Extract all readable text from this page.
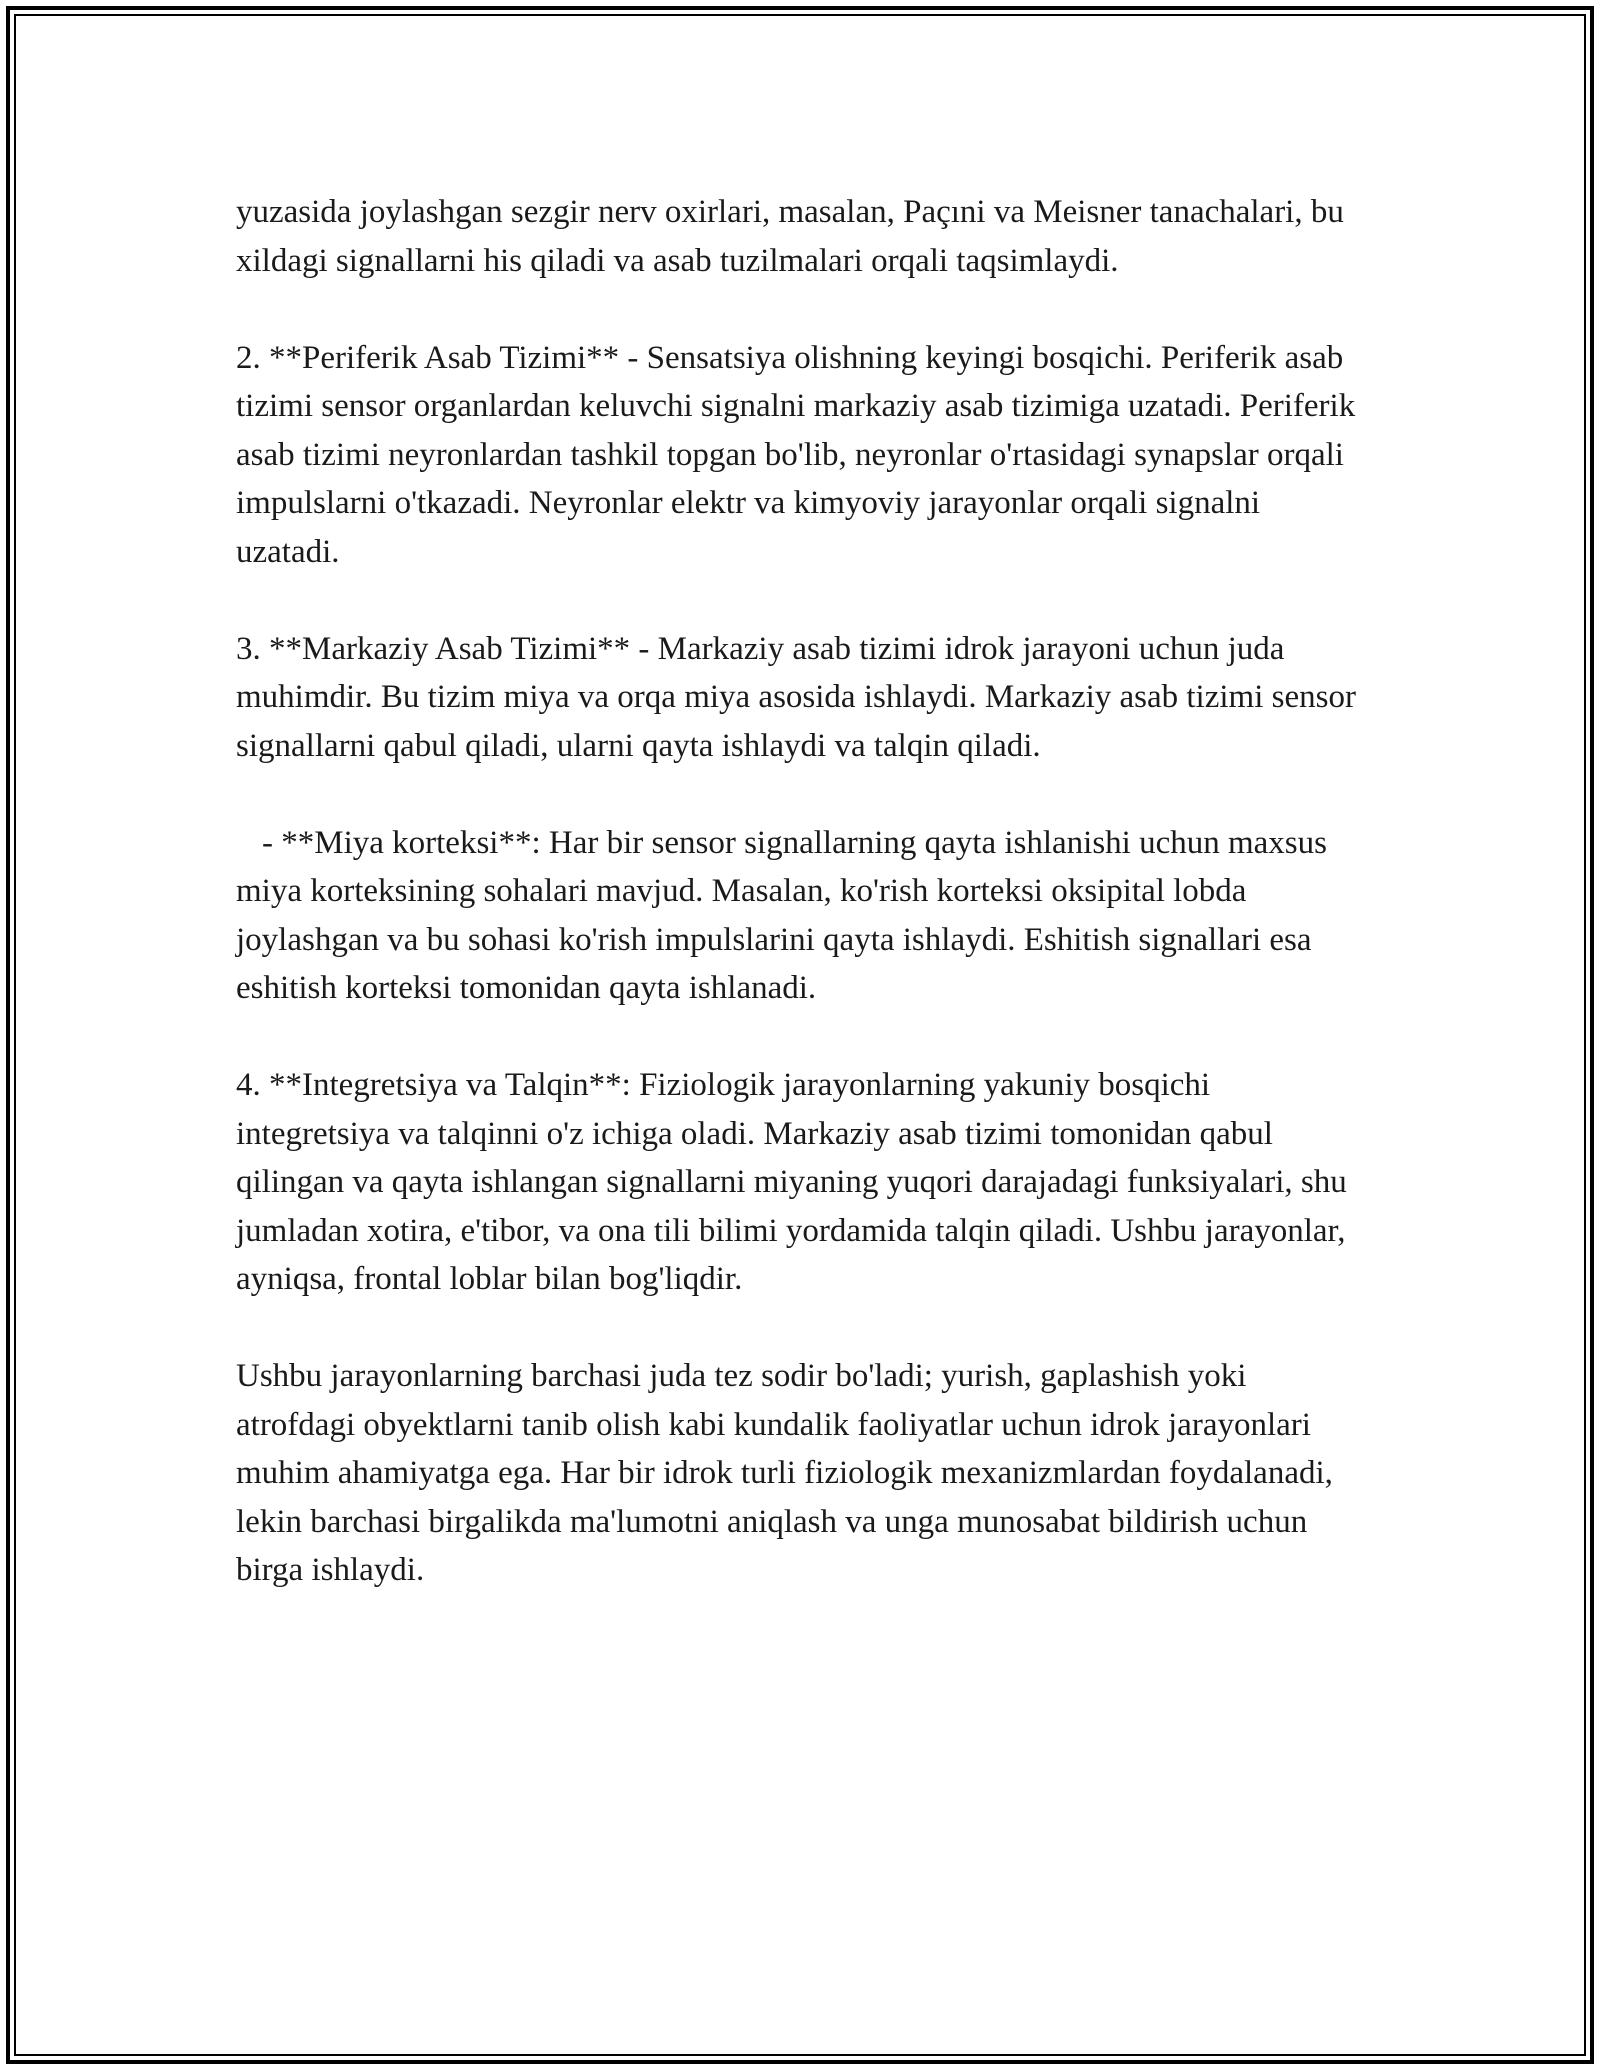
yuzasida joylashgan sezgir nerv oxirlari, masalan, Paçıni va Meisner tanachalari, bu xildagi signallarni his qiladi va asab tuzilmalari orqali taqsimlaydi.

2. **Periferik Asab Tizimi** - Sensatsiya olishning keyingi bosqichi. Periferik asab tizimi sensor organlardan keluvchi signalni markaziy asab tizimiga uzatadi. Periferik asab tizimi neyronlardan tashkil topgan bo'lib, neyronlar o'rtasidagi synapslar orqali impulslarni o'tkazadi. Neyronlar elektr va kimyoviy jarayonlar orqali signalni uzatadi.

3. **Markaziy Asab Tizimi** - Markaziy asab tizimi idrok jarayoni uchun juda muhimdir. Bu tizim miya va orqa miya asosida ishlaydi. Markaziy asab tizimi sensor signallarni qabul qiladi, ularni qayta ishlaydi va talqin qiladi.

- **Miya korteksi**: Har bir sensor signallarning qayta ishlanishi uchun maxsus miya korteksining sohalari mavjud. Masalan, ko'rish korteksi oksipital lobda joylashgan va bu sohasi ko'rish impulslarini qayta ishlaydi. Eshitish signallari esa eshitish korteksi tomonidan qayta ishlanadi.

4. **Integretsiya va Talqin**: Fiziologik jarayonlarning yakuniy bosqichi integretsiya va talqinni o'z ichiga oladi. Markaziy asab tizimi tomonidan qabul qilingan va qayta ishlangan signallarni miyaning yuqori darajadagi funksiyalari, shu jumladan xotira, e'tibor, va ona tili bilimi yordamida talqin qiladi. Ushbu jarayonlar, ayniqsa, frontal loblar bilan bog'liqdir.

Ushbu jarayonlarning barchasi juda tez sodir bo'ladi; yurish, gaplashish yoki atrofdagi obyektlarni tanib olish kabi kundalik faoliyatlar uchun idrok jarayonlari muhim ahamiyatga ega. Har bir idrok turli fiziologik mexanizmlardan foydalanadi, lekin barchasi birgalikda ma'lumotni aniqlash va unga munosabat bildirish uchun birga ishlaydi.
